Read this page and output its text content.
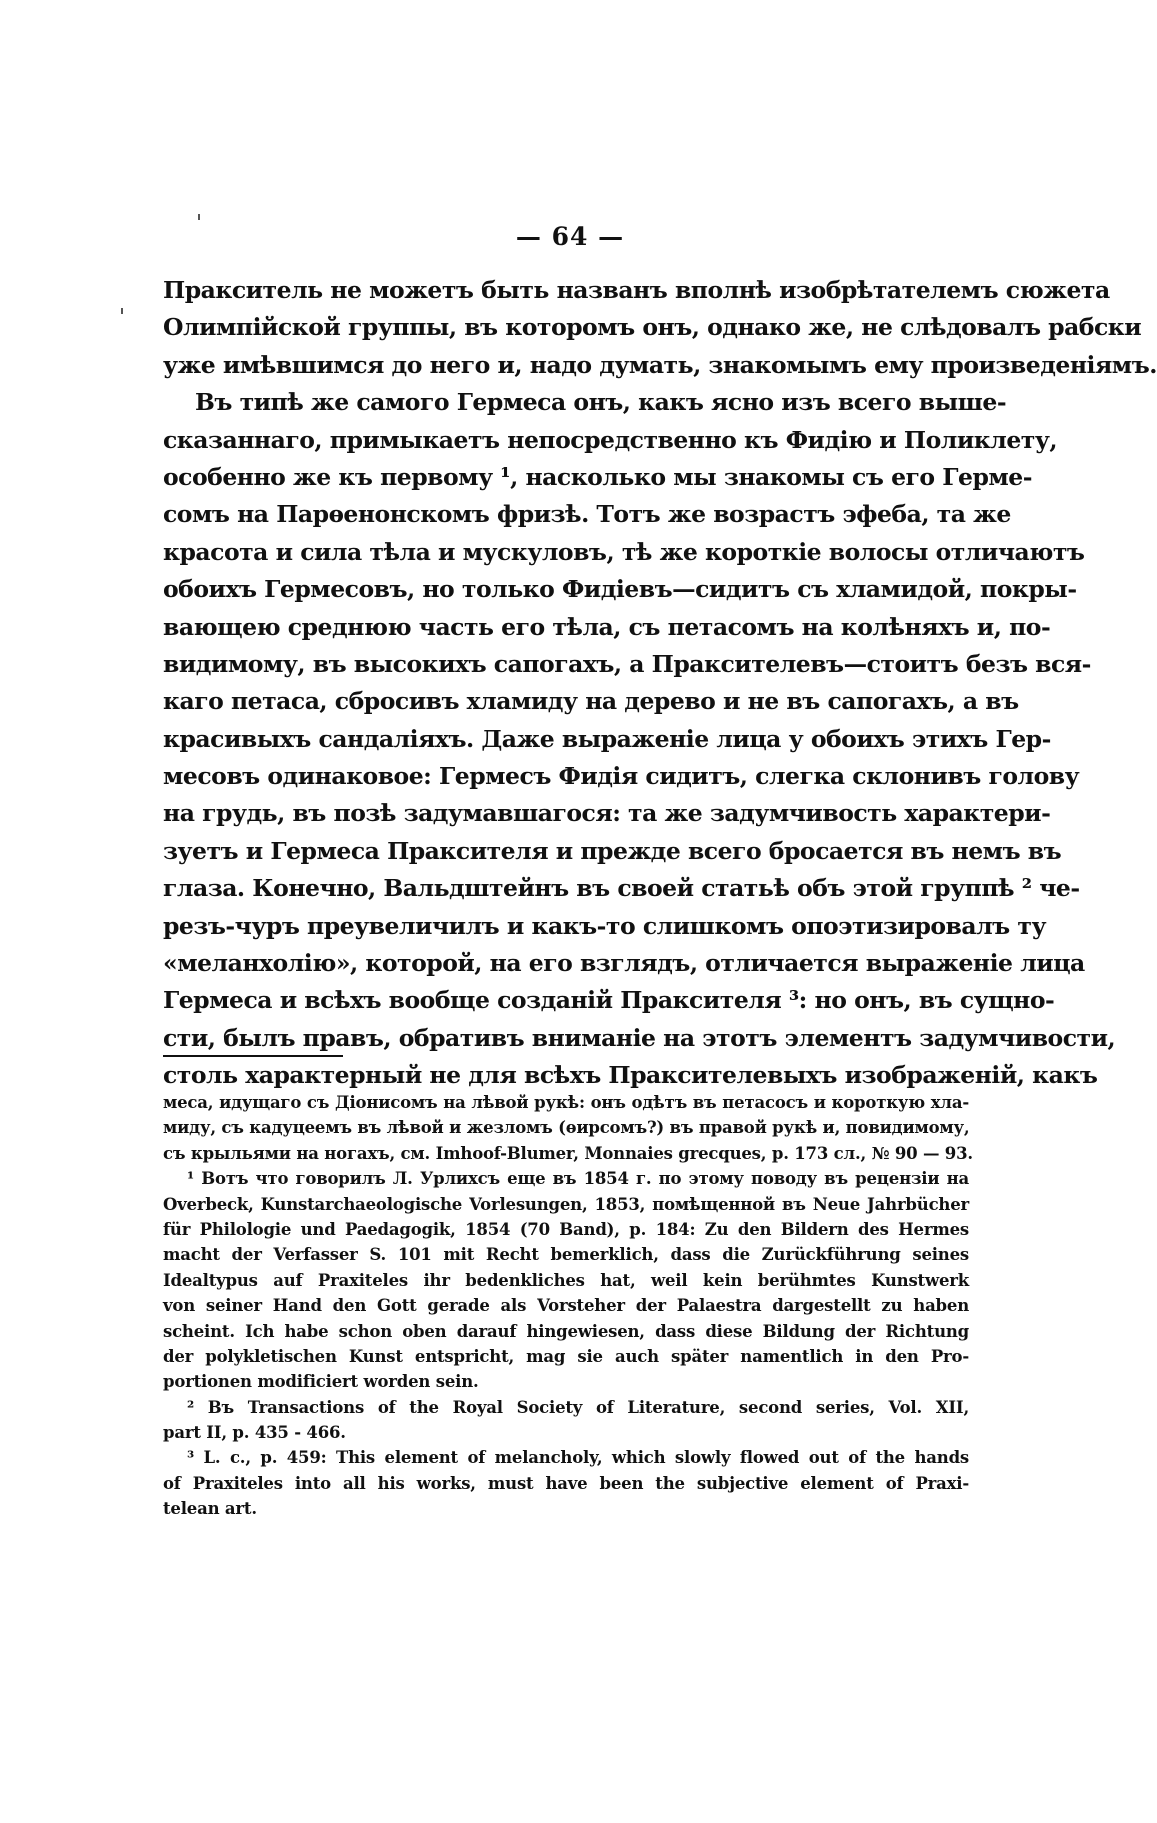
— 64 —
Пракситель не можетъ быть названъ вполнѣ изобрѣтателемъ сюжета
Олимпійской группы, въ которомъ онъ, однако же, не слѣдовалъ рабски
уже имѣвшимся до него и, надо думать, знакомымъ ему произведеніямъ.
Въ типѣ же самого Гермеса онъ, какъ ясно изъ всего выше-
сказаннаго, примыкаетъ непосредственно къ Фидію и Поликлету,
особенно же къ первому ¹, насколько мы знакомы съ его Герме-
сомъ на Парѳенонскомъ фризѣ. Тотъ же возрастъ эфеба, та же
красота и сила тѣла и мускуловъ, тѣ же короткіе волосы отличаютъ
обоихъ Гермесовъ, но только Фидіевъ—сидитъ съ хламидой, покры-
вающею среднюю часть его тѣла, съ петасомъ на колѣняхъ и, по-
видимому, въ высокихъ сапогахъ, а Праксителевъ—стоитъ безъ вся-
каго петаса, сбросивъ хламиду на дерево и не въ сапогахъ, а въ
красивыхъ сандаліяхъ. Даже выраженіе лица у обоихъ этихъ Гер-
месовъ одинаковое: Гермесъ Фидія сидитъ, слегка склонивъ голову
на грудь, въ позѣ задумавшагося: та же задумчивость характери-
зуетъ и Гермеса Праксителя и прежде всего бросается въ немъ въ
глаза. Конечно, Вальдштейнъ въ своей статьѣ объ этой группѣ ² че-
резъ-чуръ преувеличилъ и какъ-то слишкомъ опоэтизировалъ ту
«меланхолію», которой, на его взглядъ, отличается выраженіе лица
Гермеса и всѣхъ вообще созданій Праксителя ³: но онъ, въ сущно-
сти, былъ правъ, обративъ вниманіе на этотъ элементъ задумчивости,
столь характерный не для всѣхъ Праксителевыхъ изображеній, какъ
меса, идущаго съ Діонисомъ на лѣвой рукѣ: онъ одѣтъ въ петасосъ и короткую хла-
миду, съ кадуцеемъ въ лѣвой и жезломъ (ѳирсомъ?) въ правой рукѣ и, повидимому,
съ крыльями на ногахъ, см. Imhoof-Blumer, Monnaies grecques, p. 173 сл., № 90 — 93.
¹ Вотъ что говорилъ Л. Урлихсъ еще въ 1854 г. по этому поводу въ рецензіи на
Overbeck, Kunstarchaeologische Vorlesungen, 1853, помѣщенной въ Neue Jahrbücher
für Philologie und Paedagogik, 1854 (70 Band), p. 184: Zu den Bildern des Hermes
macht der Verfasser S. 101 mit Recht bemerklich, dass die Zurückführung seines
Idealtypus auf Praxiteles ihr bedenkliches hat, weil kein berühmtes Kunstwerk
von seiner Hand den Gott gerade als Vorsteher der Palaestra dargestellt zu haben
scheint. Ich habe schon oben darauf hingewiesen, dass diese Bildung der Richtung
der polykletischen Kunst entspricht, mag sie auch später namentlich in den Pro-
portionen modificiert worden sein.
² Въ Transactions of the Royal Society of Literature, second series, Vol. XII,
part II, p. 435 - 466.
³ L. c., p. 459: This element of melancholy, which slowly flowed out of the hands
of Praxiteles into all his works, must have been the subjective element of Praxi-
telean art.
